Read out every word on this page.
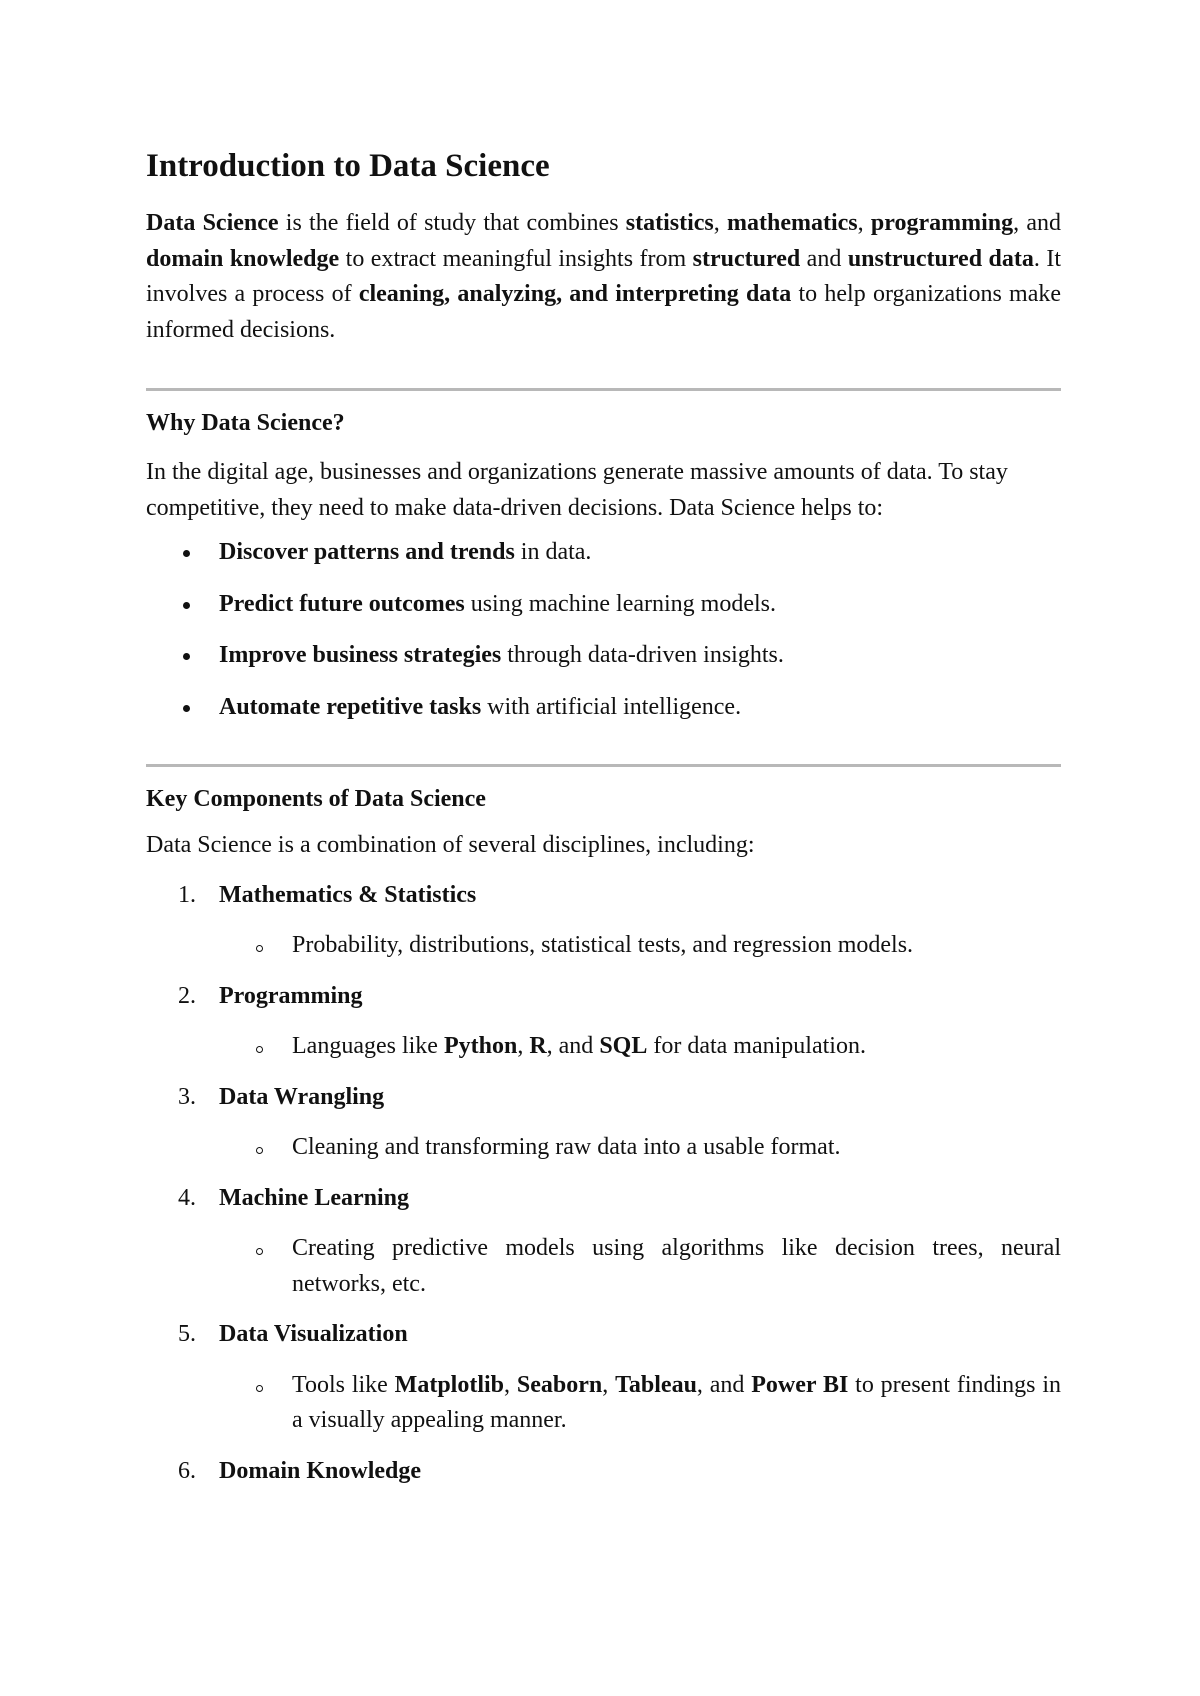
Introduction to Data Science

Data Science is the field of study that combines statistics, mathematics, programming, and domain knowledge to extract meaningful insights from structured and unstructured data. It involves a process of cleaning, analyzing, and interpreting data to help organizations make informed decisions.

Why Data Science?

In the digital age, businesses and organizations generate massive amounts of data. To stay competitive, they need to make data-driven decisions. Data Science helps to:

Discover patterns and trends in data.
Predict future outcomes using machine learning models.
Improve business strategies through data-driven insights.
Automate repetitive tasks with artificial intelligence.
Key Components of Data Science

Data Science is a combination of several disciplines, including:

1. Mathematics & Statistics
Probability, distributions, statistical tests, and regression models.
2. Programming
Languages like Python, R, and SQL for data manipulation.
3. Data Wrangling
Cleaning and transforming raw data into a usable format.
4. Machine Learning
Creating predictive models using algorithms like decision trees, neural networks, etc.
5. Data Visualization
Tools like Matplotlib, Seaborn, Tableau, and Power BI to present findings in a visually appealing manner.
6. Domain Knowledge
